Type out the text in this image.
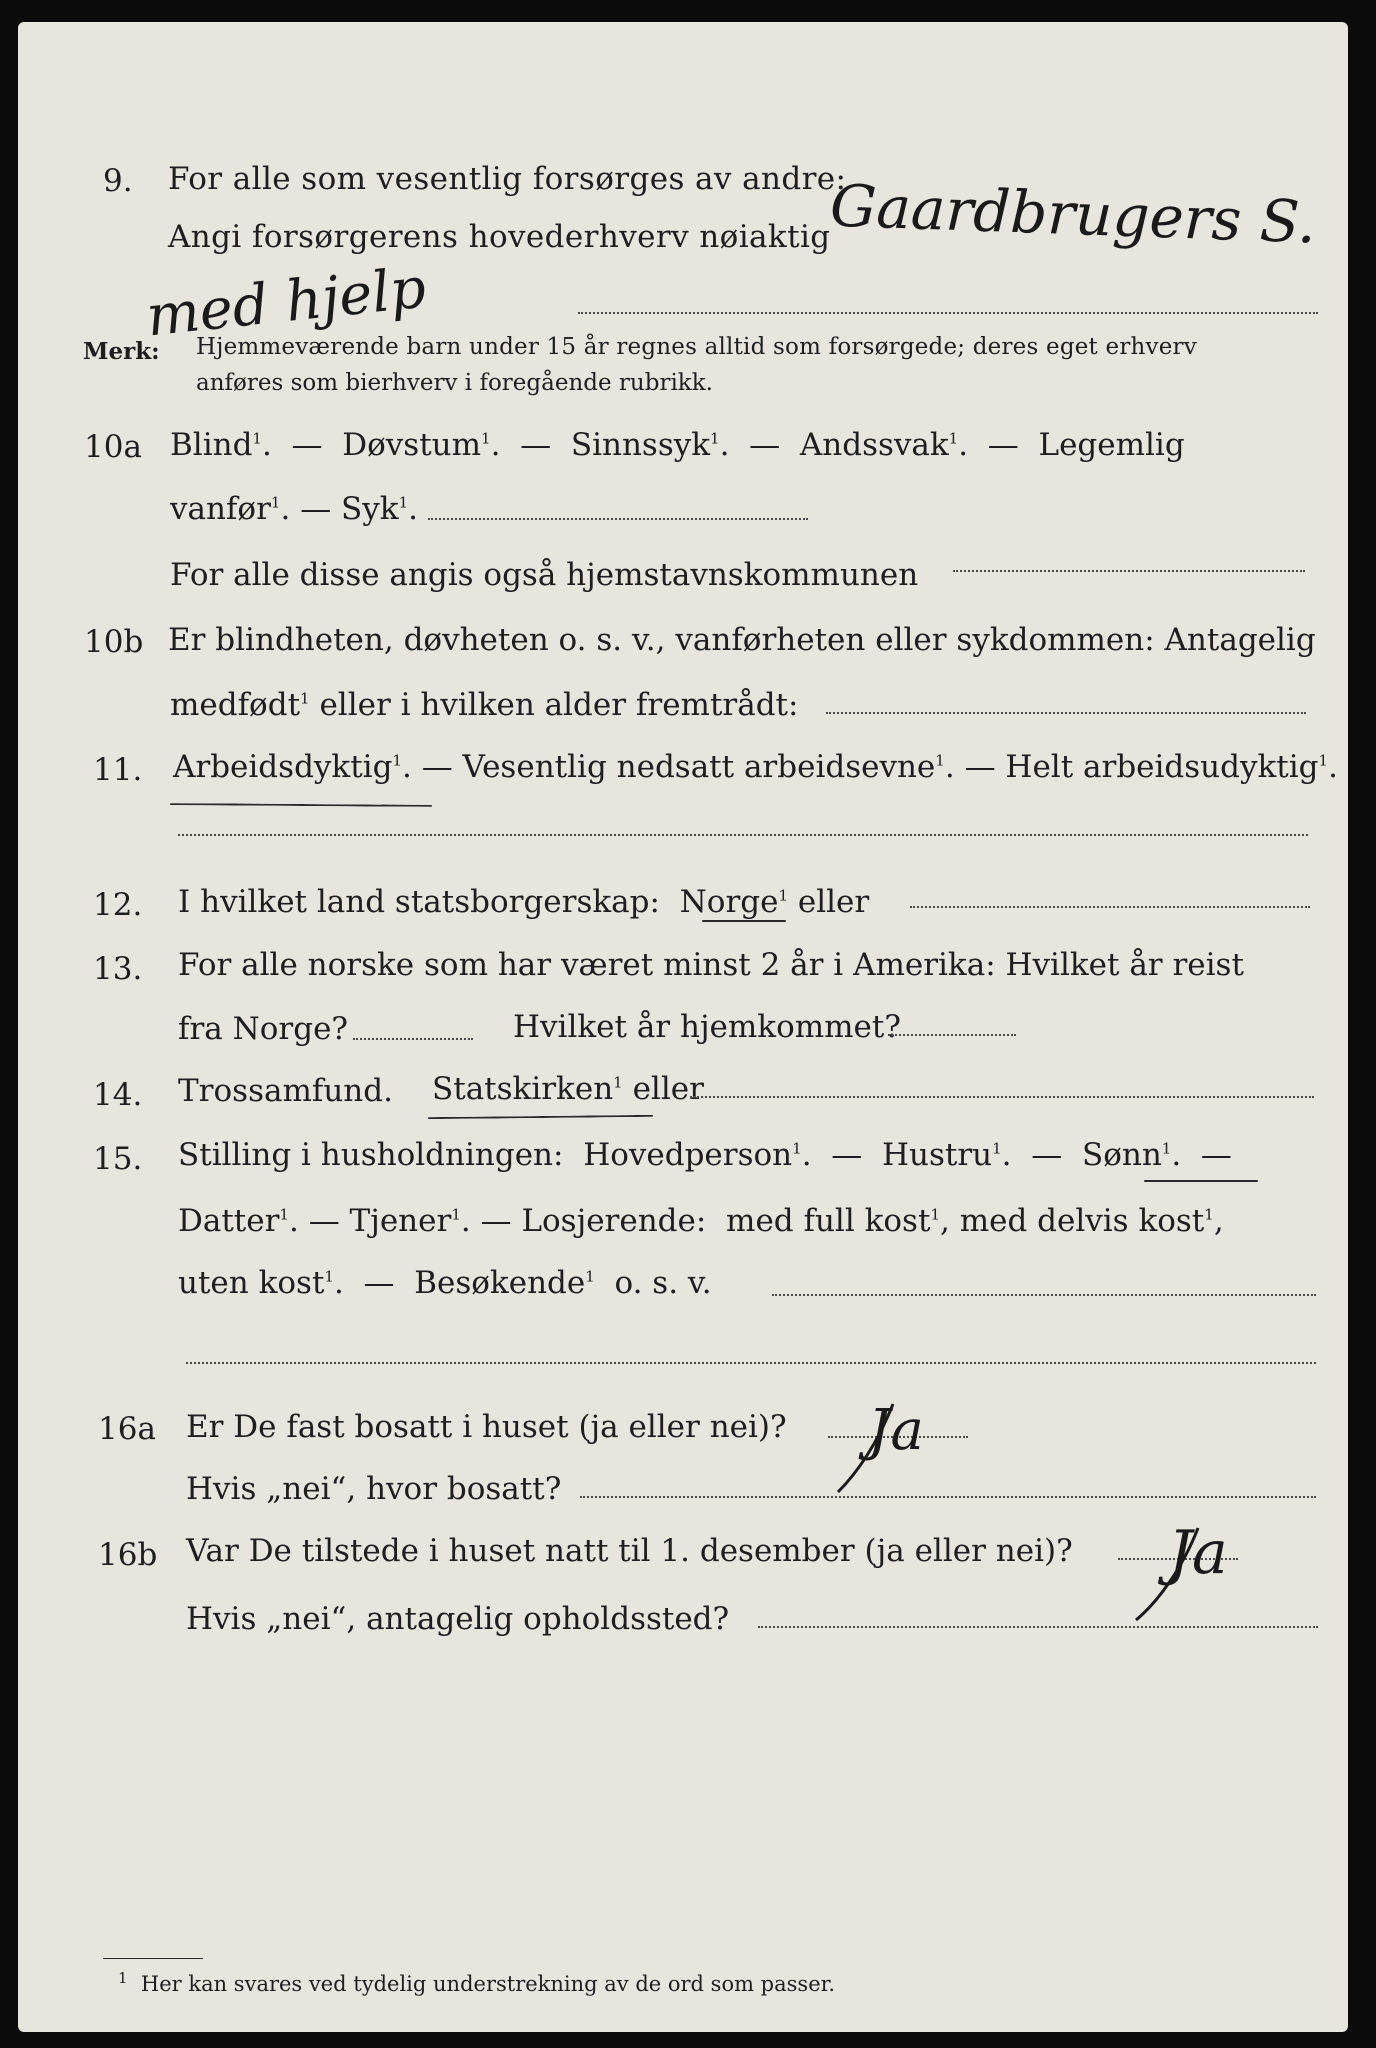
9. For alle som vesentlig forsørges av andre:
Angi forsørgerens hovederhverv nøiaktig
Gaardbrugers S.
med hjelp
Merk: Hjemmeværende barn under 15 år regnes alltid som forsørgede; deres eget erhverv
anføres som bierhverv i foregående rubrikk.
10a Blind$^1$.  — Døvstum$^1$.  — Sinnssyk$^1$.  — Andssvak$^1$.  — Legemlig
vanfør$^1$. — Syk$^1$.
For alle disse angis også hjemstavnskommunen
10b Er blindheten, døvheten o. s. v., vanførheten eller sykdommen: Antagelig
medfødt$^1$ eller i hvilken alder fremtrådt:
11. Arbeidsdyktig$^1$. — Vesentlig nedsatt arbeidsevne$^1$. — Helt arbeidsudyktig$^1$.
12. I hvilket land statsborgerskap: Norge$^1$ eller
13. For alle norske som har været minst 2 år i Amerika: Hvilket år reist
fra Norge?	Hvilket år hjemkommet?
14. Trossamfund. Statskirken$^1$ eller
15. Stilling i husholdningen: Hovedperson$^1$.  — Hustru$^1$.  — Sønn$^1$.  —
Datter$^1$. — Tjener$^1$. — Losjerende: med full kost$^1$, med delvis kost$^1$,
uten kost$^1$.  — Besøkende$^1$ o. s. v.
16a Er De fast bosatt i huset (ja eller nei)? Ja
Hvis „nei“, hvor bosatt?
16b Var De tilstede i huset natt til 1. desember (ja eller nei)? Ja
Hvis „nei“, antagelig opholdssted?
$^1$ Her kan svares ved tydelig understrekning av de ord som passer.
